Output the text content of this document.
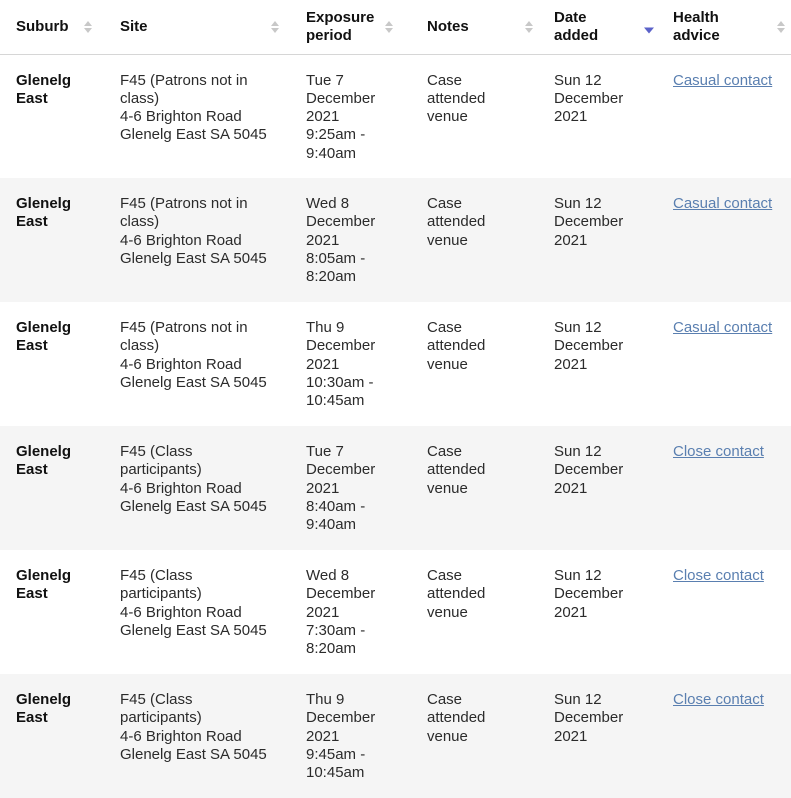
Suburb	Site	Exposure
period	Notes	Date
added	Health
advice

Glenelg
East	F45 (Patrons not in
class)
4-6 Brighton Road
Glenelg East SA 5045	Tue 7
December
2021
9:25am -
9:40am	Case
attended
venue	Sun 12
December
2021	Casual contact

Glenelg
East	F45 (Patrons not in
class)
4-6 Brighton Road
Glenelg East SA 5045	Wed 8
December
2021
8:05am -
8:20am	Case
attended
venue	Sun 12
December
2021	Casual contact

Glenelg
East	F45 (Patrons not in
class)
4-6 Brighton Road
Glenelg East SA 5045	Thu 9
December
2021
10:30am -
10:45am	Case
attended
venue	Sun 12
December
2021	Casual contact

Glenelg
East	F45 (Class
participants)
4-6 Brighton Road
Glenelg East SA 5045	Tue 7
December
2021
8:40am -
9:40am	Case
attended
venue	Sun 12
December
2021	Close contact

Glenelg
East	F45 (Class
participants)
4-6 Brighton Road
Glenelg East SA 5045	Wed 8
December
2021
7:30am -
8:20am	Case
attended
venue	Sun 12
December
2021	Close contact

Glenelg
East	F45 (Class
participants)
4-6 Brighton Road
Glenelg East SA 5045	Thu 9
December
2021
9:45am -
10:45am	Case
attended
venue	Sun 12
December
2021	Close contact
